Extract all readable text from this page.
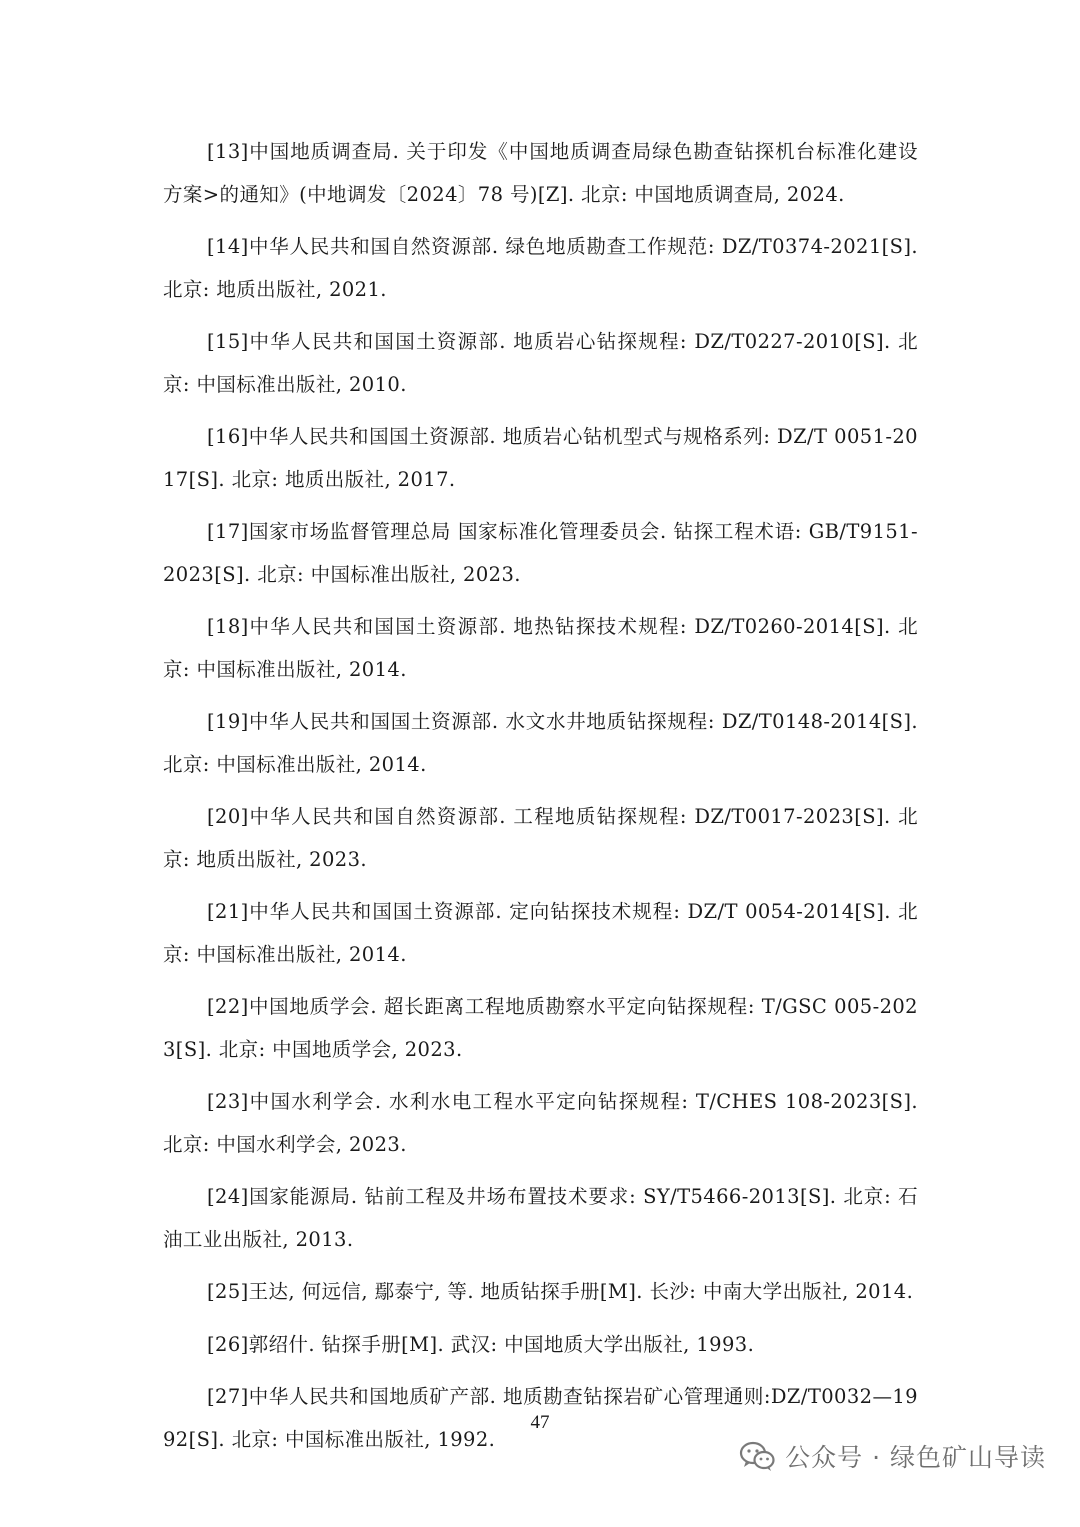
[13]中国地质调查局. 关于印发《中国地质调查局绿色勘查钻探机台标准化建设方案>的通知》(中地调发〔2024〕78 号)[Z]. 北京: 中国地质调查局, 2024.

[14]中华人民共和国自然资源部. 绿色地质勘查工作规范: DZ/T0374-2021[S]. 北京: 地质出版社, 2021.

[15]中华人民共和国国土资源部. 地质岩心钻探规程: DZ/T0227-2010[S]. 北京: 中国标准出版社, 2010.

[16]中华人民共和国国土资源部. 地质岩心钻机型式与规格系列: DZ/T 0051-2017[S]. 北京: 地质出版社, 2017.

[17]国家市场监督管理总局 国家标准化管理委员会. 钻探工程术语: GB/T9151-2023[S]. 北京: 中国标准出版社, 2023.

[18]中华人民共和国国土资源部. 地热钻探技术规程: DZ/T0260-2014[S]. 北京: 中国标准出版社, 2014.

[19]中华人民共和国国土资源部. 水文水井地质钻探规程: DZ/T0148-2014[S]. 北京: 中国标准出版社, 2014.

[20]中华人民共和国自然资源部. 工程地质钻探规程: DZ/T0017-2023[S]. 北京: 地质出版社, 2023.

[21]中华人民共和国国土资源部. 定向钻探技术规程: DZ/T 0054-2014[S]. 北京: 中国标准出版社, 2014.

[22]中国地质学会. 超长距离工程地质勘察水平定向钻探规程: T/GSC 005-2023[S]. 北京: 中国地质学会, 2023.

[23]中国水利学会. 水利水电工程水平定向钻探规程: T/CHES 108-2023[S]. 北京: 中国水利学会, 2023.

[24]国家能源局. 钻前工程及井场布置技术要求: SY/T5466-2013[S]. 北京: 石油工业出版社, 2013.

[25]王达, 何远信, 鄢泰宁, 等. 地质钻探手册[M]. 长沙: 中南大学出版社, 2014.

[26]郭绍什. 钻探手册[M]. 武汉: 中国地质大学出版社, 1993.

[27]中华人民共和国地质矿产部. 地质勘查钻探岩矿心管理通则:DZ/T0032—1992[S]. 北京: 中国标准出版社, 1992.

47
公众号 · 绿色矿山导读
